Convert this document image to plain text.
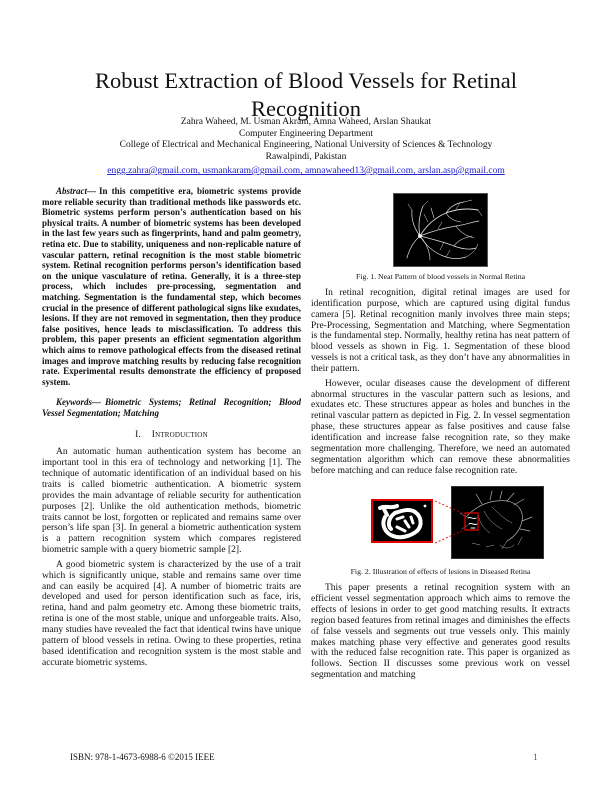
Robust Extraction of Blood Vessels for Retinal Recognition
Zahra Waheed, M. Usman Akram, Amna Waheed, Arslan Shaukat
Computer Engineering Department
College of Electrical and Mechanical Engineering, National University of Sciences & Technology
Rawalpindi, Pakistan
engg.zahra@gmail.com , usmankaram@gmail.com , amnawaheed13@gmail.com , arslan.asp@gmail.com

Abstract— In this competitive era, biometric systems provide more reliable security than traditional methods like passwords etc. Biometric systems perform person’s authentication based on his physical traits. A number of biometric systems has been developed in the last few years such as fingerprints, hand and palm geometry, retina etc. Due to stability, uniqueness and non-replicable nature of vascular pattern, retinal recognition is the most stable biometric system. Retinal recognition performs person’s identification based on the unique vasculature of retina. Generally, it is a three-step process, which includes pre-processing, segmentation and matching. Segmentation is the fundamental step, which becomes crucial in the presence of different pathological signs like exudates, lesions. If they are not removed in segmentation, then they produce false positives, hence leads to misclassification. To address this problem, this paper presents an efficient segmentation algorithm which aims to remove pathological effects from the diseased retinal images and improve matching results by reducing false recognition rate. Experimental results demonstrate the efficiency of proposed system.

Keywords— Biometric Systems; Retinal Recognition; Blood Vessel Segmentation; Matching

I. Introduction

An automatic human authentication system has become an important tool in this era of technology and networking [1]. The technique of automatic identification of an individual based on his traits is called biometric authentication. A biometric system provides the main advantage of reliable security for authentication purposes [2]. Unlike the old authentication methods, biometric traits cannot be lost, forgotten or replicated and remains same over person’s life span [3]. In general a biometric authentication system is a pattern recognition system which compares registered biometric sample with a query biometric sample [2].

A good biometric system is characterized by the use of a trait which is significantly unique, stable and remains same over time and can easily be acquired [4]. A number of biometric traits are developed and used for person identification such as face, iris, retina, hand and palm geometry etc. Among these biometric traits, retina is one of the most stable, unique and unforgeable traits. Also, many studies have revealed the fact that identical twins have unique pattern of blood vessels in retina. Owing to these properties, retina based identification and recognition system is the most stable and accurate biometric systems.

Fig. 1. Neat Pattern of blood vessels in Normal Retina

In retinal recognition, digital retinal images are used for identification purpose, which are captured using digital fundus camera [5]. Retinal recognition manly involves three main steps; Pre-Processing, Segmentation and Matching, where Segmentation is the fundamental step. Normally, healthy retina has neat pattern of blood vessels as shown in Fig. 1. Segmentation of these blood vessels is not a critical task, as they don’t have any abnormalities in their pattern.

However, ocular diseases cause the development of different abnormal structures in the vascular pattern such as lesions, and exudates etc. These structures appear as holes and bunches in the retinal vascular pattern as depicted in Fig. 2. In vessel segmentation phase, these structures appear as false positives and cause false identification and increase false recognition rate, so they make segmentation more challenging. Therefore, we need an automated segmentation algorithm which can remove these abnormalities before matching and can reduce false recognition rate.

Fig. 2. Illustration of effects of lesions in Diseased Retina

This paper presents a retinal recognition system with an efficient vessel segmentation approach which aims to remove the effects of lesions in order to get good matching results. It extracts region based features from retinal images and diminishes the effects of false vessels and segments out true vessels only. This mainly makes matching phase very effective and generates good results with the reduced false recognition rate. This paper is organized as follows. Section II discusses some previous work on vessel segmentation and matching

ISBN: 978-1-4673-6988-6 ©2015 IEEE	1
